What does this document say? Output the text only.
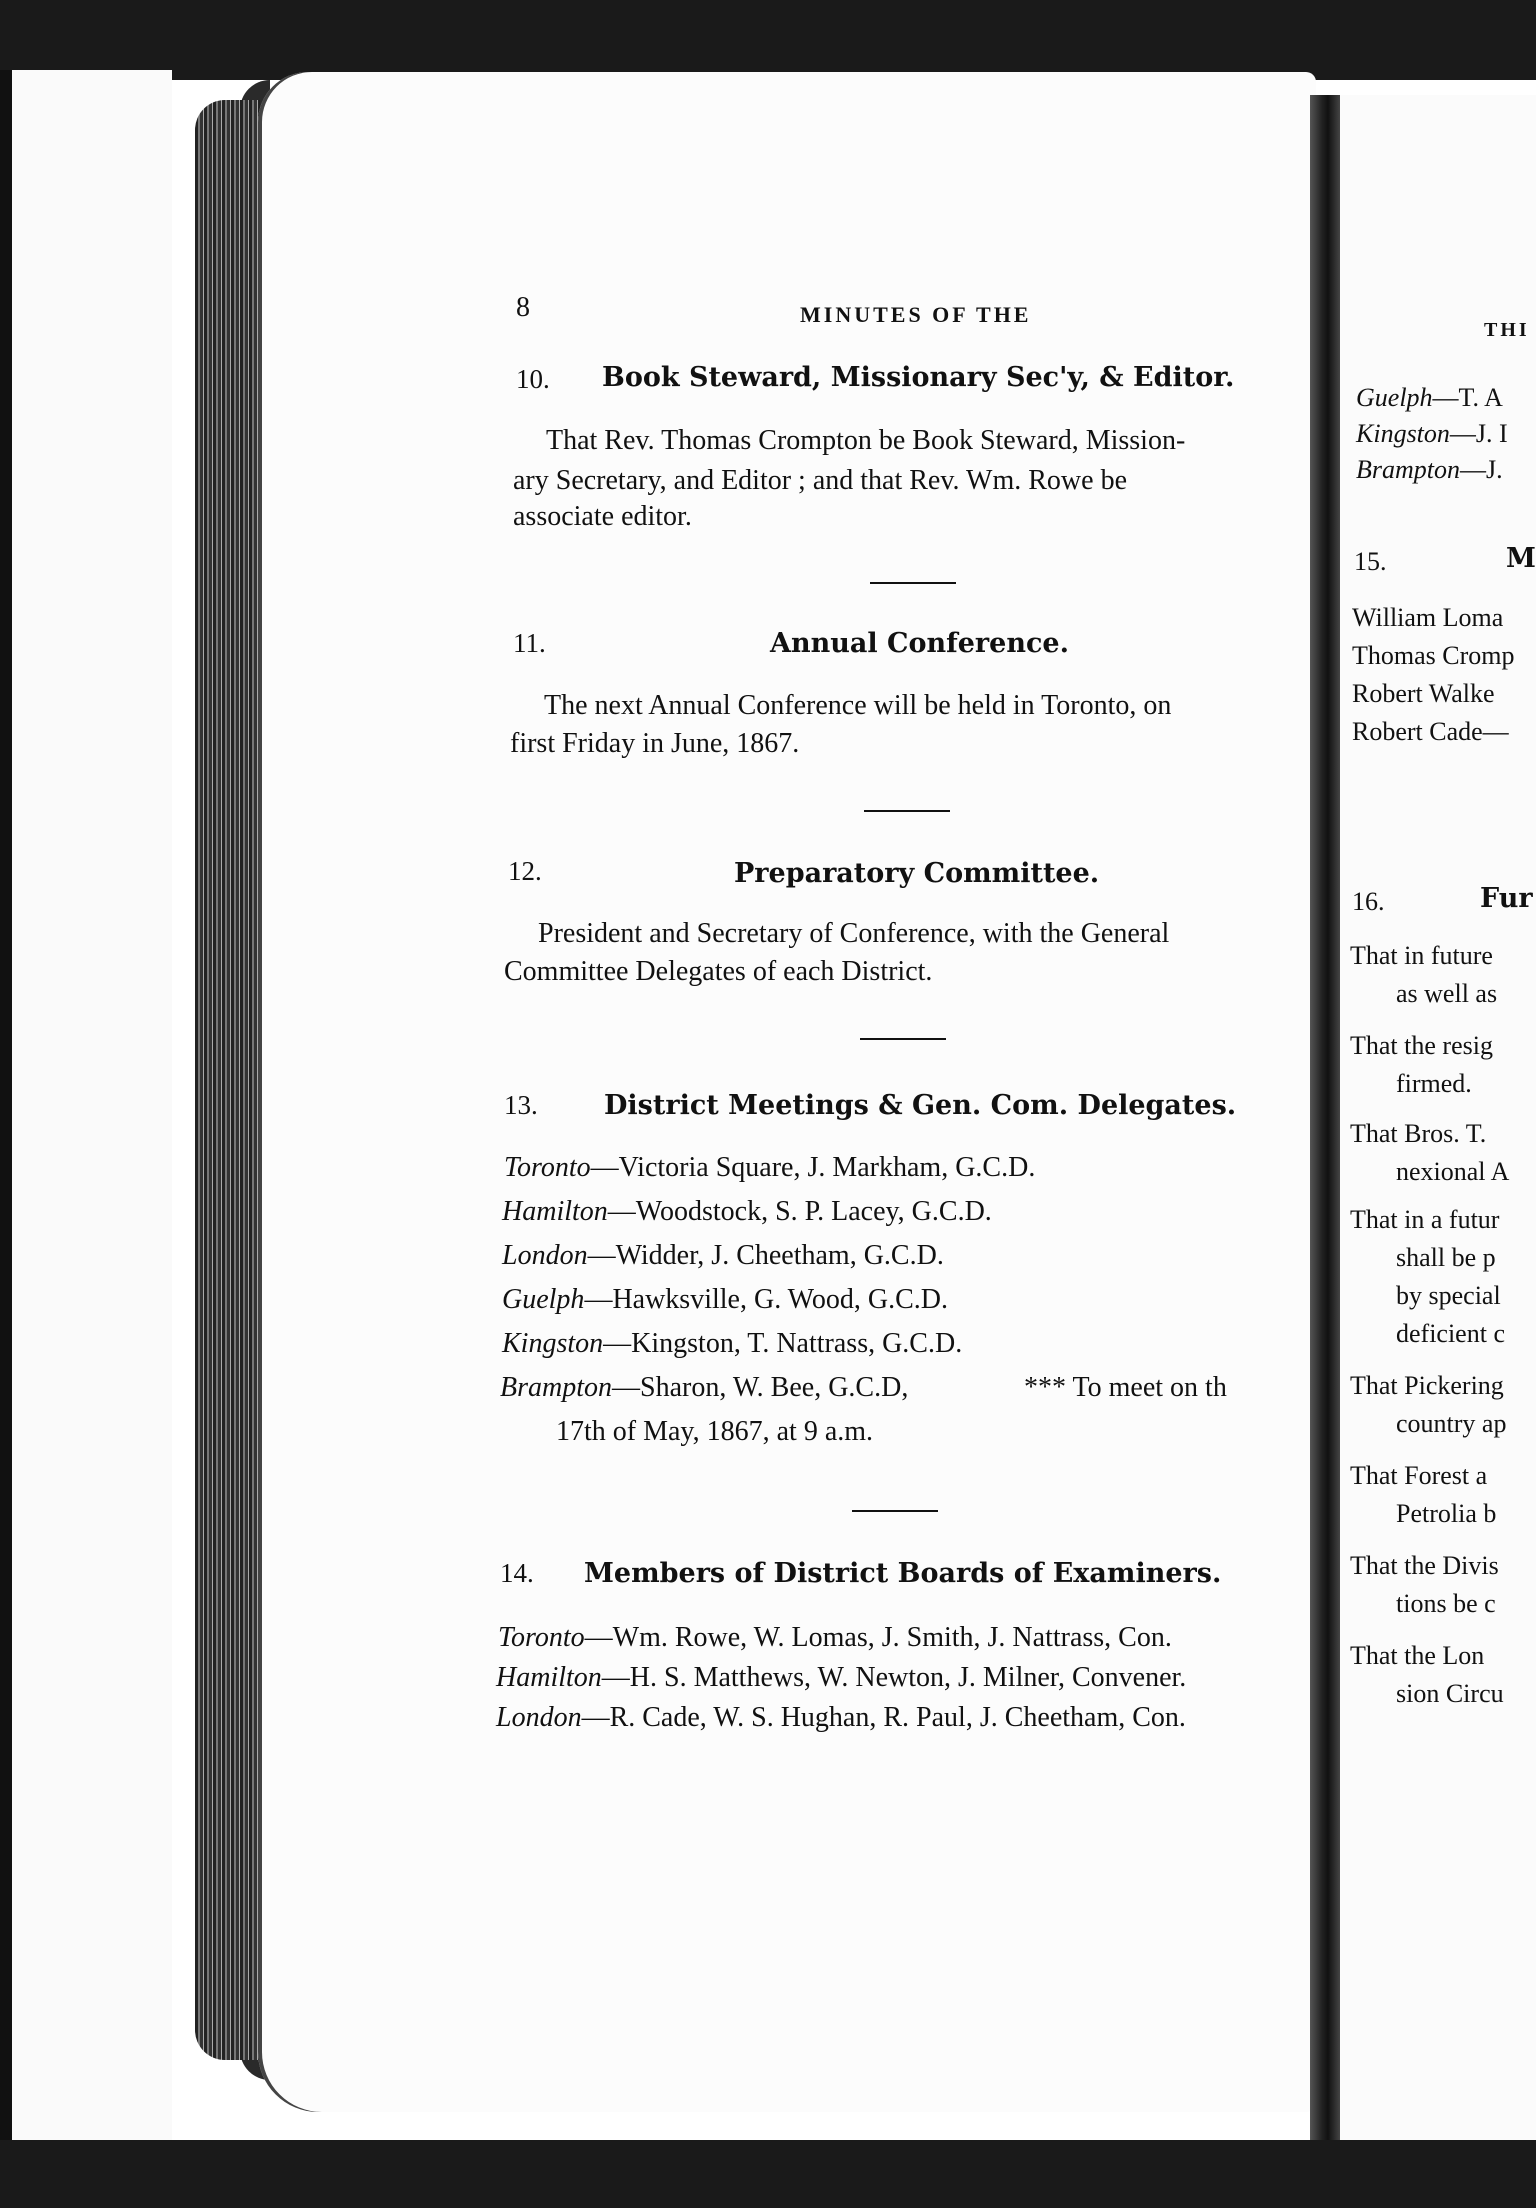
8	MINUTES OF THE
10. Book Steward, Missionary Sec'y, & Editor.
That Rev. Thomas Crompton be Book Steward, Mission-
ary Secretary, and Editor ; and that Rev. Wm. Rowe be
associate editor.
11.	Annual Conference.
The next Annual Conference will be held in Toronto, on
first Friday in June, 1867.
12.	Preparatory Committee.
President and Secretary of Conference, with the General
Committee Delegates of each District.
13. District Meetings & Gen. Com. Delegates.
Toronto—Victoria Square, J. Markham, G.C.D.
Hamilton—Woodstock, S. P. Lacey, G.C.D.
London—Widder, J. Cheetham, G.C.D.
Guelph—Hawksville, G. Wood, G.C.D.
Kingston—Kingston, T. Nattrass, G.C.D.
Brampton—Sharon, W. Bee, G.C.D,	*** To meet on th
17th of May, 1867, at 9 a.m.
14. Members of District Boards of Examiners.
Toronto—Wm. Rowe, W. Lomas, J. Smith, J. Nattrass, Con.
Hamilton—H. S. Matthews, W. Newton, J. Milner, Convener.
London—R. Cade, W. S. Hughan, R. Paul, J. Cheetham, Con.
THI
Guelph—T. A
Kingston—J. I
Brampton—J.
15.	M
William Loma
Thomas Cromp
Robert Walke
Robert Cade—
16.	Fur
That in future
as well as
That the resig
firmed.
That Bros. T.
nexional A
That in a futur
shall be p
by special
deficient c
That Pickering
country ap
That Forest a
Petrolia b
That the Divis
tions be c
That the Lon
sion Circu
